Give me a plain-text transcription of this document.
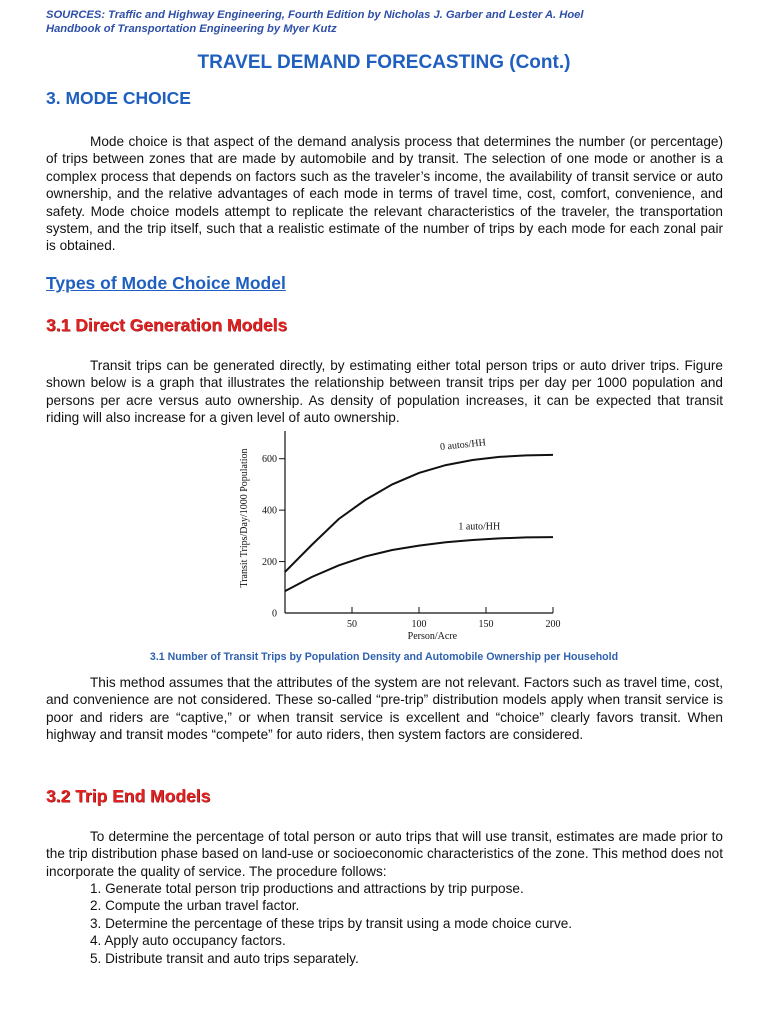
SOURCES: Traffic and Highway Engineering, Fourth Edition by Nicholas J. Garber and Lester A. Hoel
Handbook of Transportation Engineering by Myer Kutz
TRAVEL DEMAND FORECASTING (Cont.)
3. MODE CHOICE

Mode choice is that aspect of the demand analysis process that determines the number (or percentage) of trips between zones that are made by automobile and by transit. The selection of one mode or another is a complex process that depends on factors such as the traveler’s income, the availability of transit service or auto ownership, and the relative advantages of each mode in terms of travel time, cost, comfort, convenience, and safety. Mode choice models attempt to replicate the relevant characteristics of the traveler, the transportation system, and the trip itself, such that a realistic estimate of the number of trips by each mode for each zonal pair is obtained.

Types of Mode Choice Model
3.1 Direct Generation Models

Transit trips can be generated directly, by estimating either total person trips or auto driver trips. Figure shown below is a graph that illustrates the relationship between transit trips per day per 1000 population and persons per acre versus auto ownership. As density of population increases, it can be expected that transit riding will also increase for a given level of auto ownership.

0
200
400
600
50	100	150	200
Person/Acre
Transit Trips/Day/1000 Population
0 autos/HH
1 auto/HH
3.1 Number of Transit Trips by Population Density and Automobile Ownership per Household

This method assumes that the attributes of the system are not relevant. Factors such as travel time, cost, and convenience are not considered. These so-called “pre-trip” distribution models apply when transit service is poor and riders are “captive,” or when transit service is excellent and “choice” clearly favors transit. When highway and transit modes “compete” for auto riders, then system factors are considered.

3.2 Trip End Models

To determine the percentage of total person or auto trips that will use transit, estimates are made prior to the trip distribution phase based on land-use or socioeconomic characteristics of the zone. This method does not incorporate the quality of service. The procedure follows:

1. Generate total person trip productions and attractions by trip purpose.
2. Compute the urban travel factor.
3. Determine the percentage of these trips by transit using a mode choice curve.
4. Apply auto occupancy factors.
5. Distribute transit and auto trips separately.
